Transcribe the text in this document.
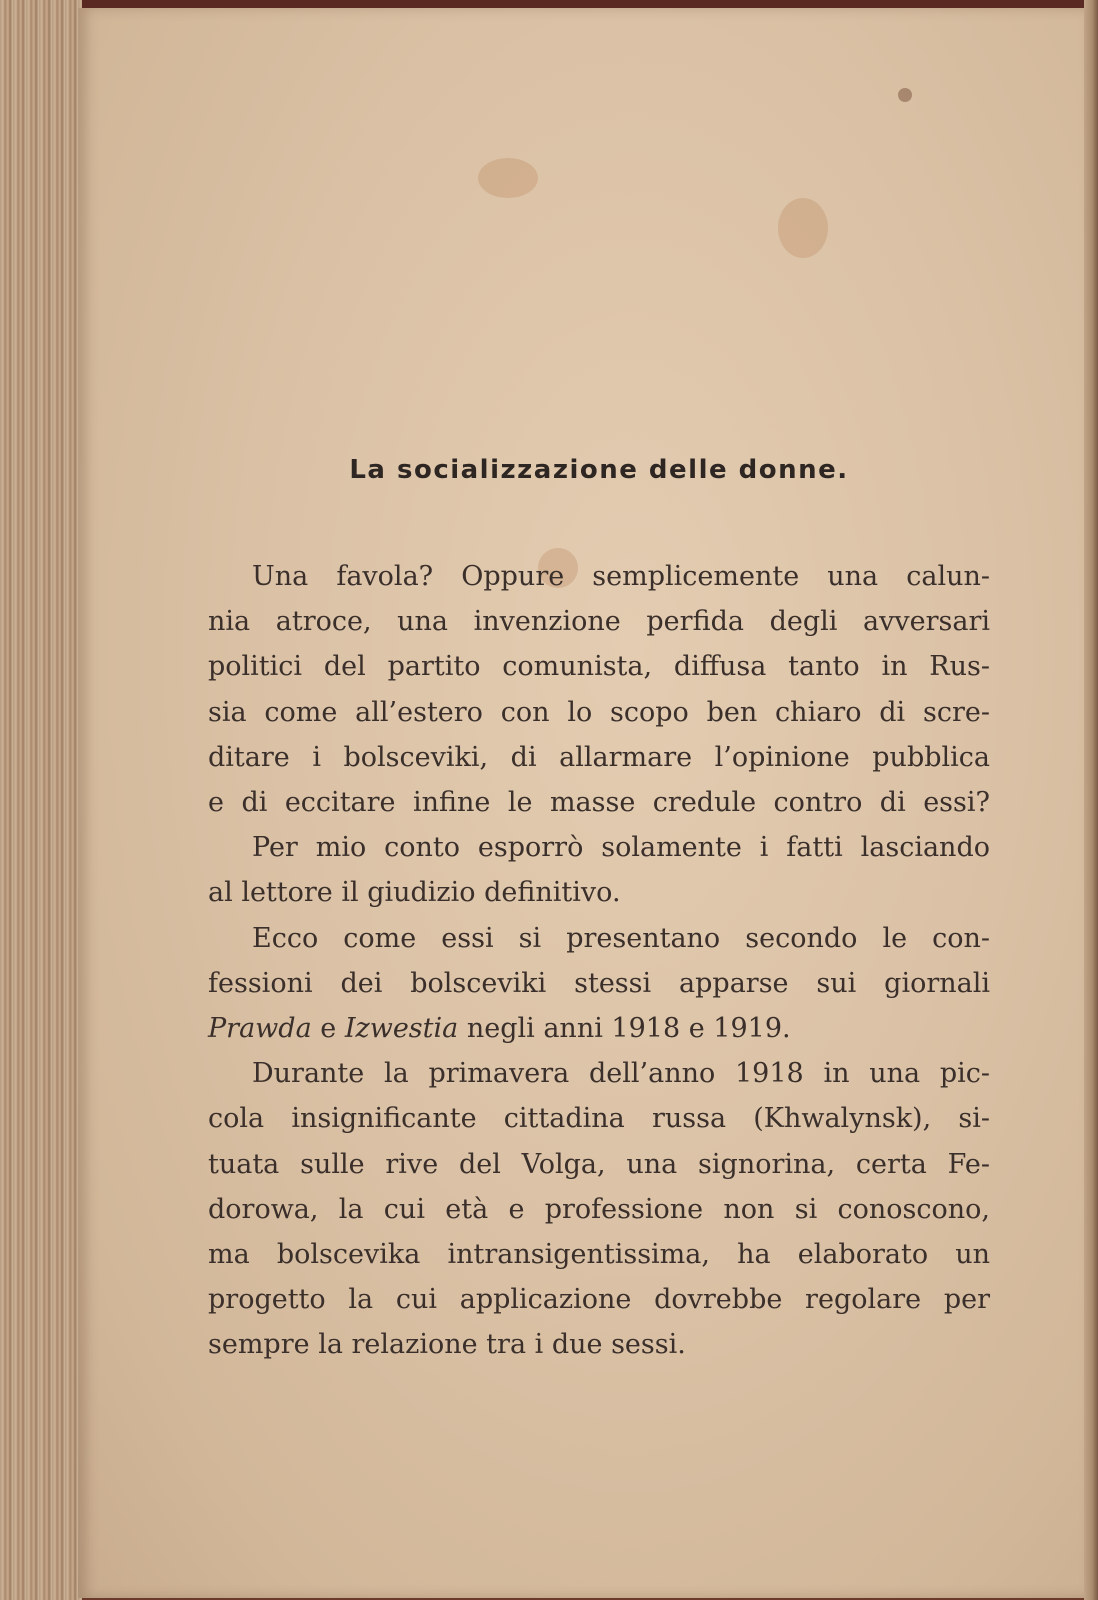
La socializzazione delle donne.
Una favola? Oppure semplicemente una calun-
nia atroce, una invenzione perfida degli avversari
politici del partito comunista, diffusa tanto in Rus-
sia come all’estero con lo scopo ben chiaro di scre-
ditare i bolsceviki, di allarmare l’opinione pubblica
e di eccitare infine le masse credule contro di essi?
Per mio conto esporrò solamente i fatti lasciando
al lettore il giudizio definitivo.
Ecco come essi si presentano secondo le con-
fessioni dei bolsceviki stessi apparse sui giornali
Prawda e Izwestia negli anni 1918 e 1919.
Durante la primavera dell’anno 1918 in una pic-
cola insignificante cittadina russa (Khwalynsk), si-
tuata sulle rive del Volga, una signorina, certa Fe-
dorowa, la cui età e professione non si conoscono,
ma bolscevika intransigentissima, ha elaborato un
progetto la cui applicazione dovrebbe regolare per
sempre la relazione tra i due sessi.
